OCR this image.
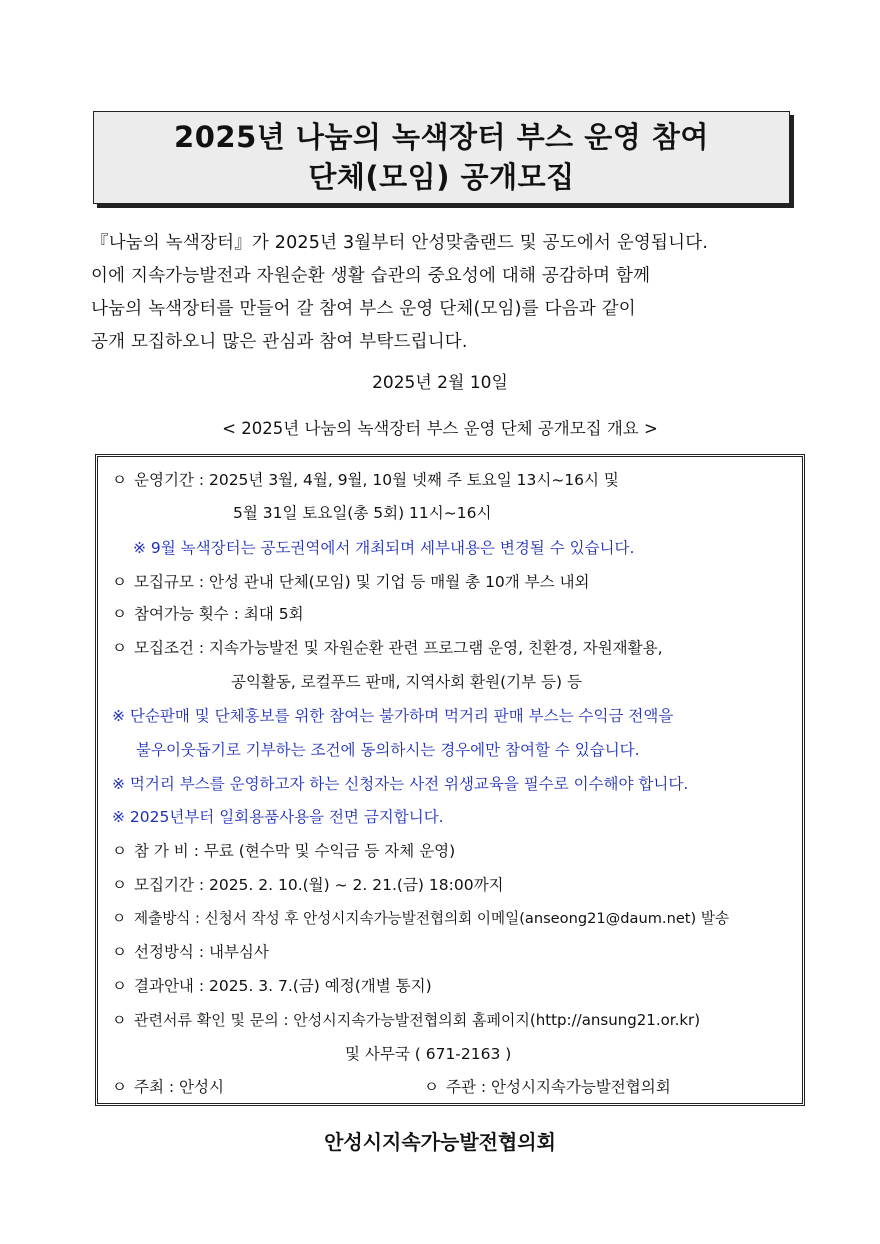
2025년 나눔의 녹색장터 부스 운영 참여
단체(모임) 공개모집

『나눔의 녹색장터』가 2025년 3월부터 안성맞춤랜드 및 공도에서 운영됩니다.

이에 지속가능발전과 자원순환 생활 습관의 중요성에 대해 공감하며 함께

나눔의 녹색장터를 만들어 갈 참여 부스 운영 단체(모임)를 다음과 같이

공개 모집하오니 많은 관심과 참여 부탁드립니다.

2025년 2월 10일
< 2025년 나눔의 녹색장터 부스 운영 단체 공개모집 개요 >
ㅇ 운영기간 : 2025년 3월, 4월, 9월, 10월 넷째 주 토요일 13시~16시 및
5월 31일 토요일(총 5회) 11시~16시
※ 9월 녹색장터는 공도권역에서 개최되며 세부내용은 변경될 수 있습니다.
ㅇ 모집규모 : 안성 관내 단체(모임) 및 기업 등 매월 총 10개 부스 내외
ㅇ 참여가능 횟수 : 최대 5회
ㅇ 모집조건 : 지속가능발전 및 자원순환 관련 프로그램 운영, 친환경, 자원재활용,
공익활동, 로컬푸드 판매, 지역사회 환원(기부 등) 등
※ 단순판매 및 단체홍보를 위한 참여는 불가하며 먹거리 판매 부스는 수익금 전액을
불우이웃돕기로 기부하는 조건에 동의하시는 경우에만 참여할 수 있습니다.
※ 먹거리 부스를 운영하고자 하는 신청자는 사전 위생교육을 필수로 이수해야 합니다.
※ 2025년부터 일회용품사용을 전면 금지합니다.
ㅇ 참 가 비 : 무료 (현수막 및 수익금 등 자체 운영)
ㅇ 모집기간 : 2025. 2. 10.(월) ~ 2. 21.(금) 18:00까지
ㅇ 제출방식 : 신청서 작성 후 안성시지속가능발전협의회 이메일(anseong21@daum.net) 발송
ㅇ 선정방식 : 내부심사
ㅇ 결과안내 : 2025. 3. 7.(금) 예정(개별 통지)
ㅇ 관련서류 확인 및 문의 : 안성시지속가능발전협의회 홈페이지(http://ansung21.or.kr)
및 사무국 ( 671-2163 )
ㅇ 주최 : 안성시	ㅇ 주관 : 안성시지속가능발전협의회
안성시지속가능발전협의회
